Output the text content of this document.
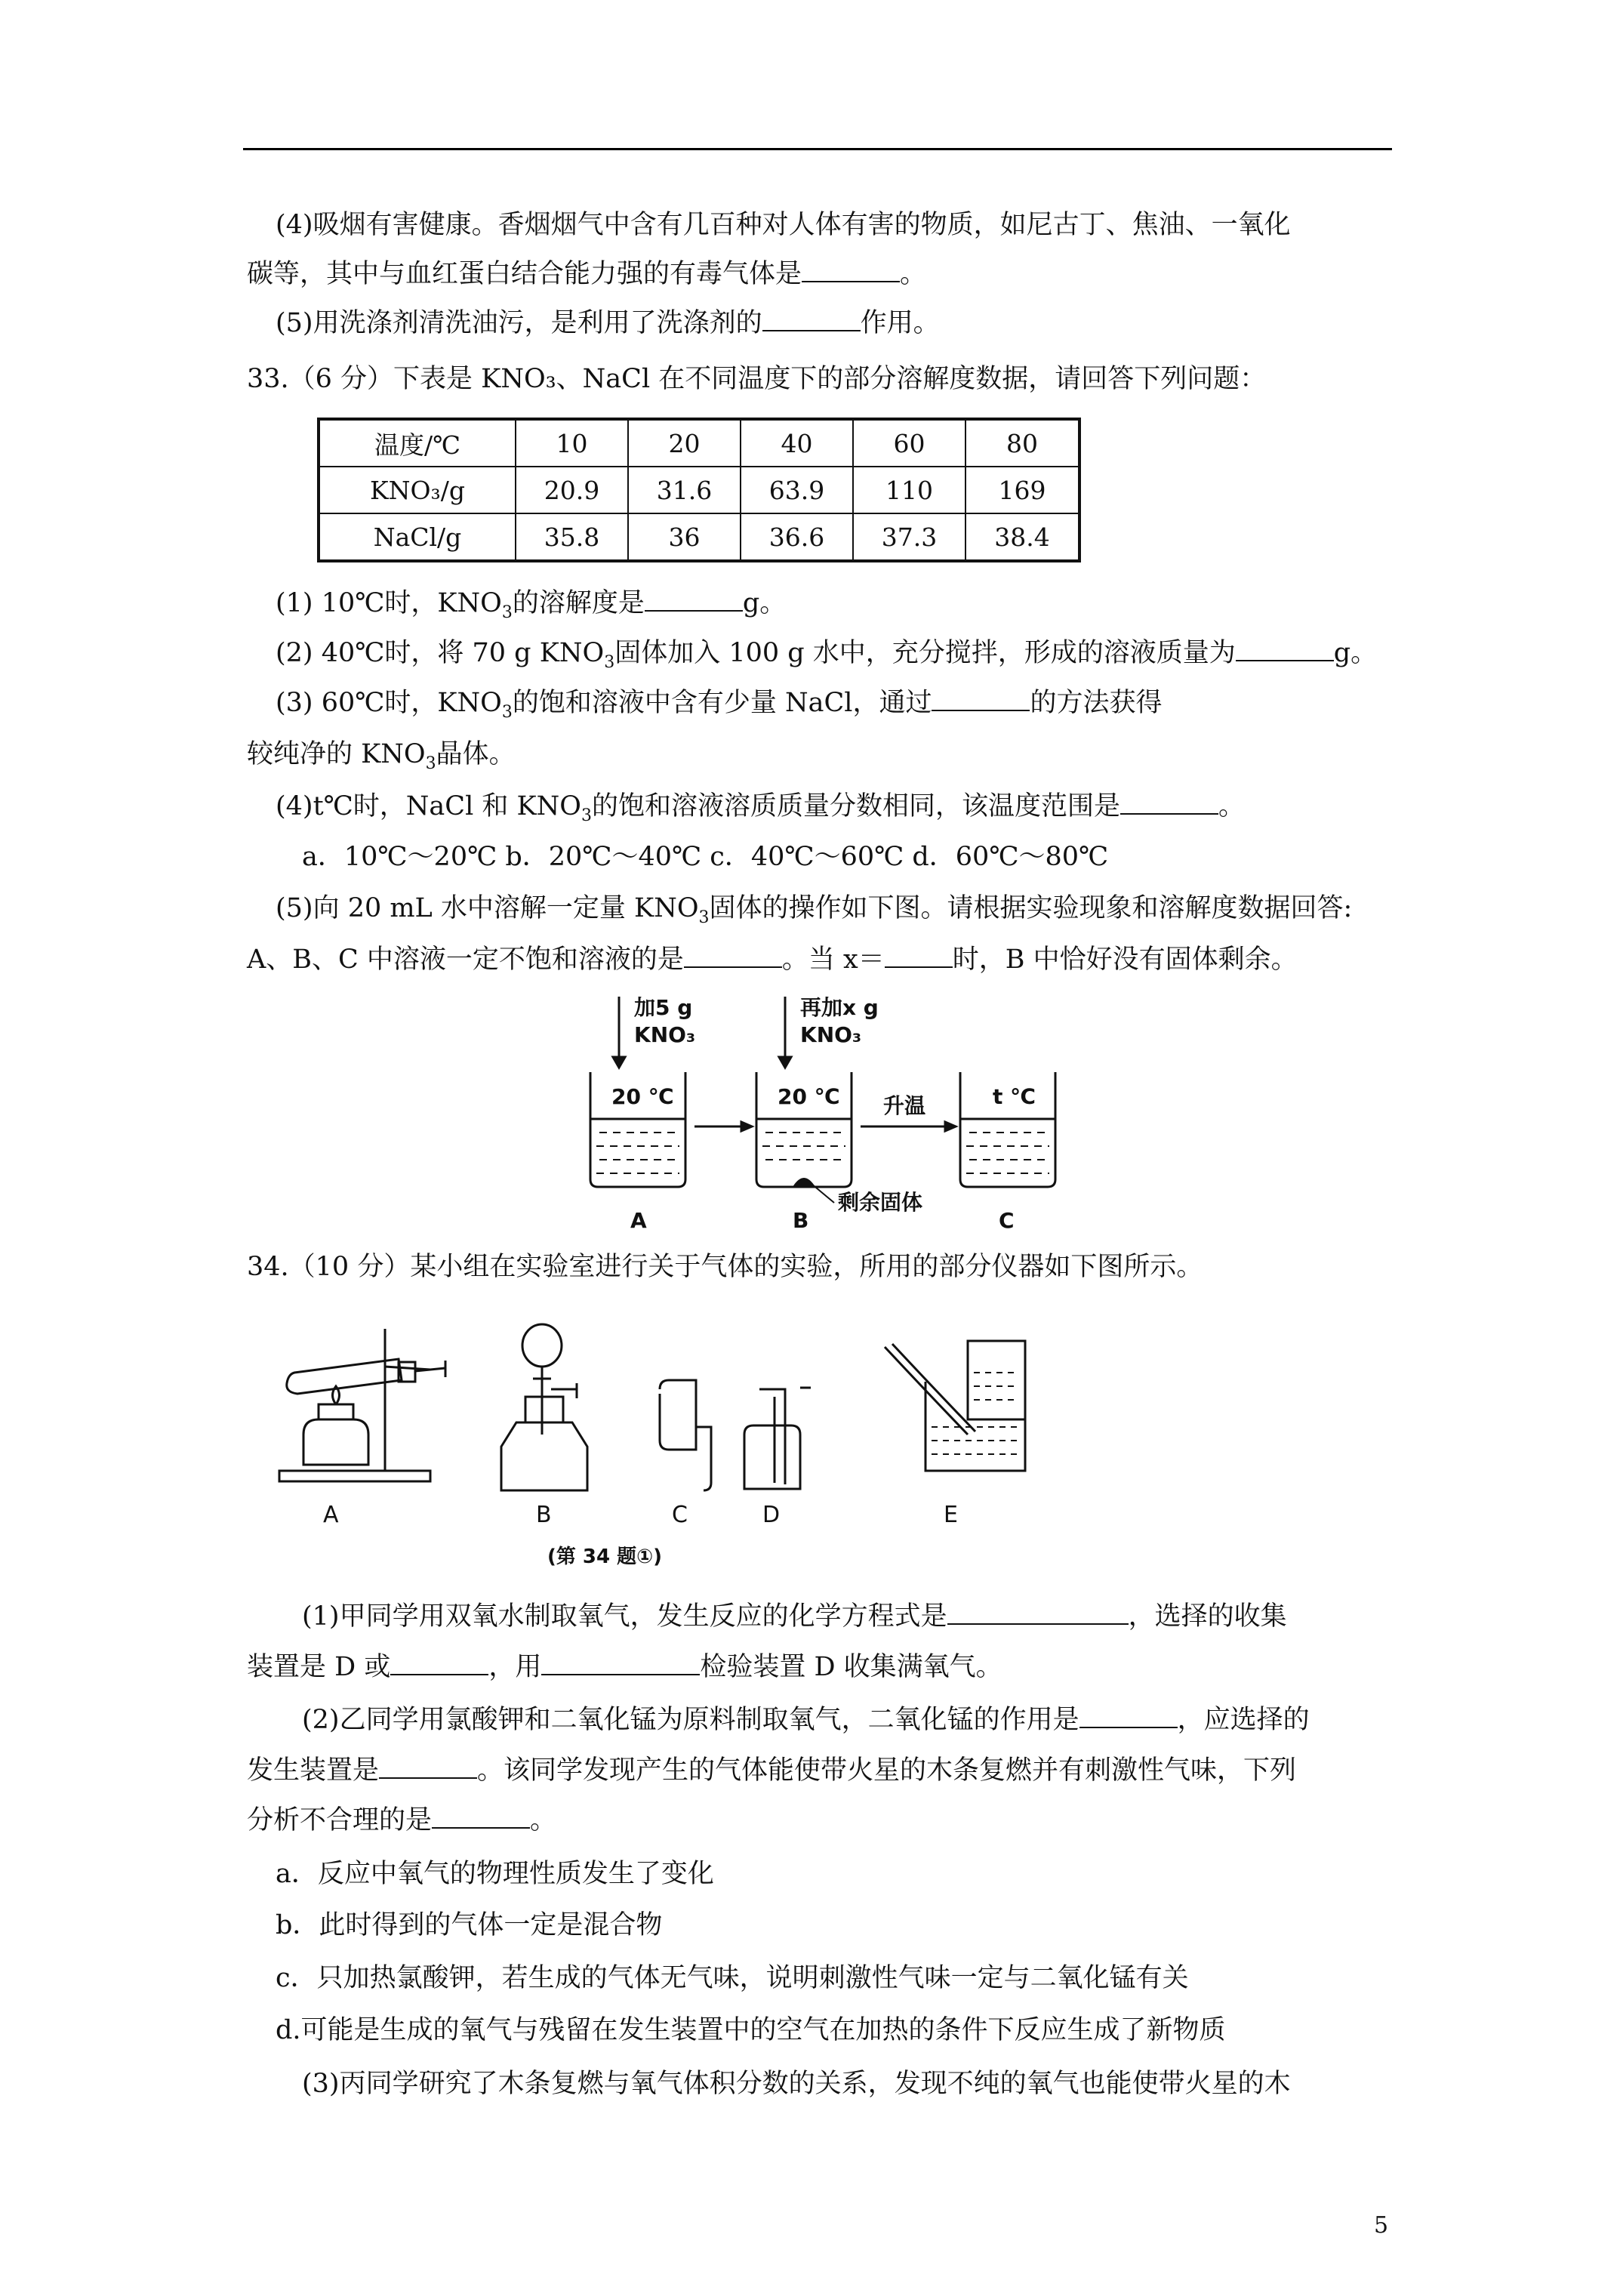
(4)吸烟有害健康。香烟烟气中含有几百种对人体有害的物质，如尼古丁、焦油、一氧化
碳等，其中与血红蛋白结合能力强的有毒气体是	。
(5)用洗涤剂清洗油污，是利用了洗涤剂的	作用。
33.（6 分）下表是 KNO₃、NaCl 在不同温度下的部分溶解度数据，请回答下列问题：
温度/℃	10	20	40	60	80
KNO₃/g	20.9	31.6	63.9	110	169
NaCl/g	35.8	36	36.6	37.3	38.4
(1) 10℃时，$KNO_3$的溶解度是	g。
(2) 40℃时，将 70 g $KNO_3$固体加入 100 g 水中，充分搅拌，形成的溶液质量为	g。
(3) 60℃时，$KNO_3$的饱和溶液中含有少量 NaCl，通过	的方法获得
较纯净的 $KNO_3$晶体。
(4)t℃时，NaCl 和 $KNO_3$的饱和溶液溶质质量分数相同，该温度范围是	。
a．10℃～20℃ b．20℃～40℃ c．40℃～60℃ d．60℃～80℃
(5)向 20 mL 水中溶解一定量 $KNO_3$固体的操作如下图。请根据实验现象和溶解度数据回答:
A、B、C 中溶液一定不饱和溶液的是	。当 x＝	时，B 中恰好没有固体剩余。
加5 g
KNO₃
再加x g
KNO₃
20 ℃	20 ℃	t ℃
升温
剩余固体
A	B	C
34.（10 分）某小组在实验室进行关于气体的实验，所用的部分仪器如下图所示。
A	B	C	D	E
(第 34 题①)
(1)甲同学用双氧水制取氧气，发生反应的化学方程式是	，选择的收集
装置是 D 或	，用	检验装置 D 收集满氧气。
(2)乙同学用氯酸钾和二氧化锰为原料制取氧气，二氧化锰的作用是	，应选择的
发生装置是	。该同学发现产生的气体能使带火星的木条复燃并有刺激性气味，下列
分析不合理的是	。
a．反应中氧气的物理性质发生了变化
b．此时得到的气体一定是混合物
c．只加热氯酸钾，若生成的气体无气味，说明刺激性气味一定与二氧化锰有关
d.可能是生成的氧气与残留在发生装置中的空气在加热的条件下反应生成了新物质
(3)丙同学研究了木条复燃与氧气体积分数的关系，发现不纯的氧气也能使带火星的木
5
